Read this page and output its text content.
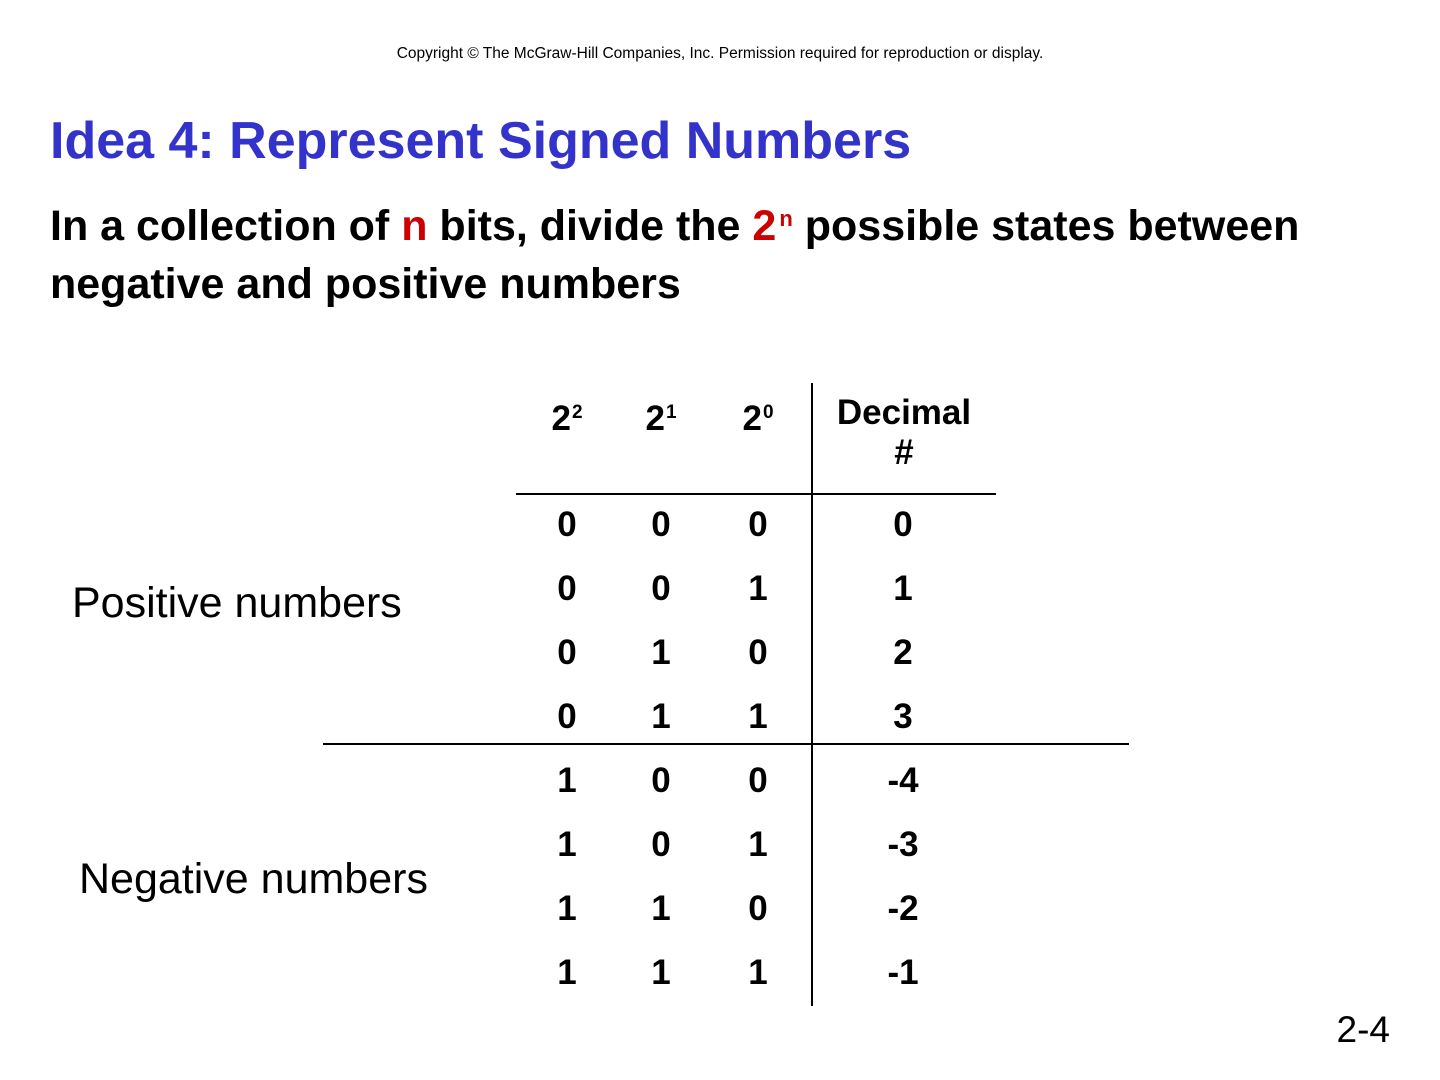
Copyright © The McGraw-Hill Companies, Inc. Permission required for reproduction or display.
Idea 4: Represent Signed Numbers

In a collection of n bits, divide the 2 $^n$ possible states between negative and positive numbers

Positive numbers
Negative numbers
$2^2$	$2^1$	$2^0$	Decimal
#
0	0	0	0
0	0	1	1
0	1	0	2
0	1	1	3
1	0	0	-4
1	0	1	-3
1	1	0	-2
1	1	1	-1
2-4
